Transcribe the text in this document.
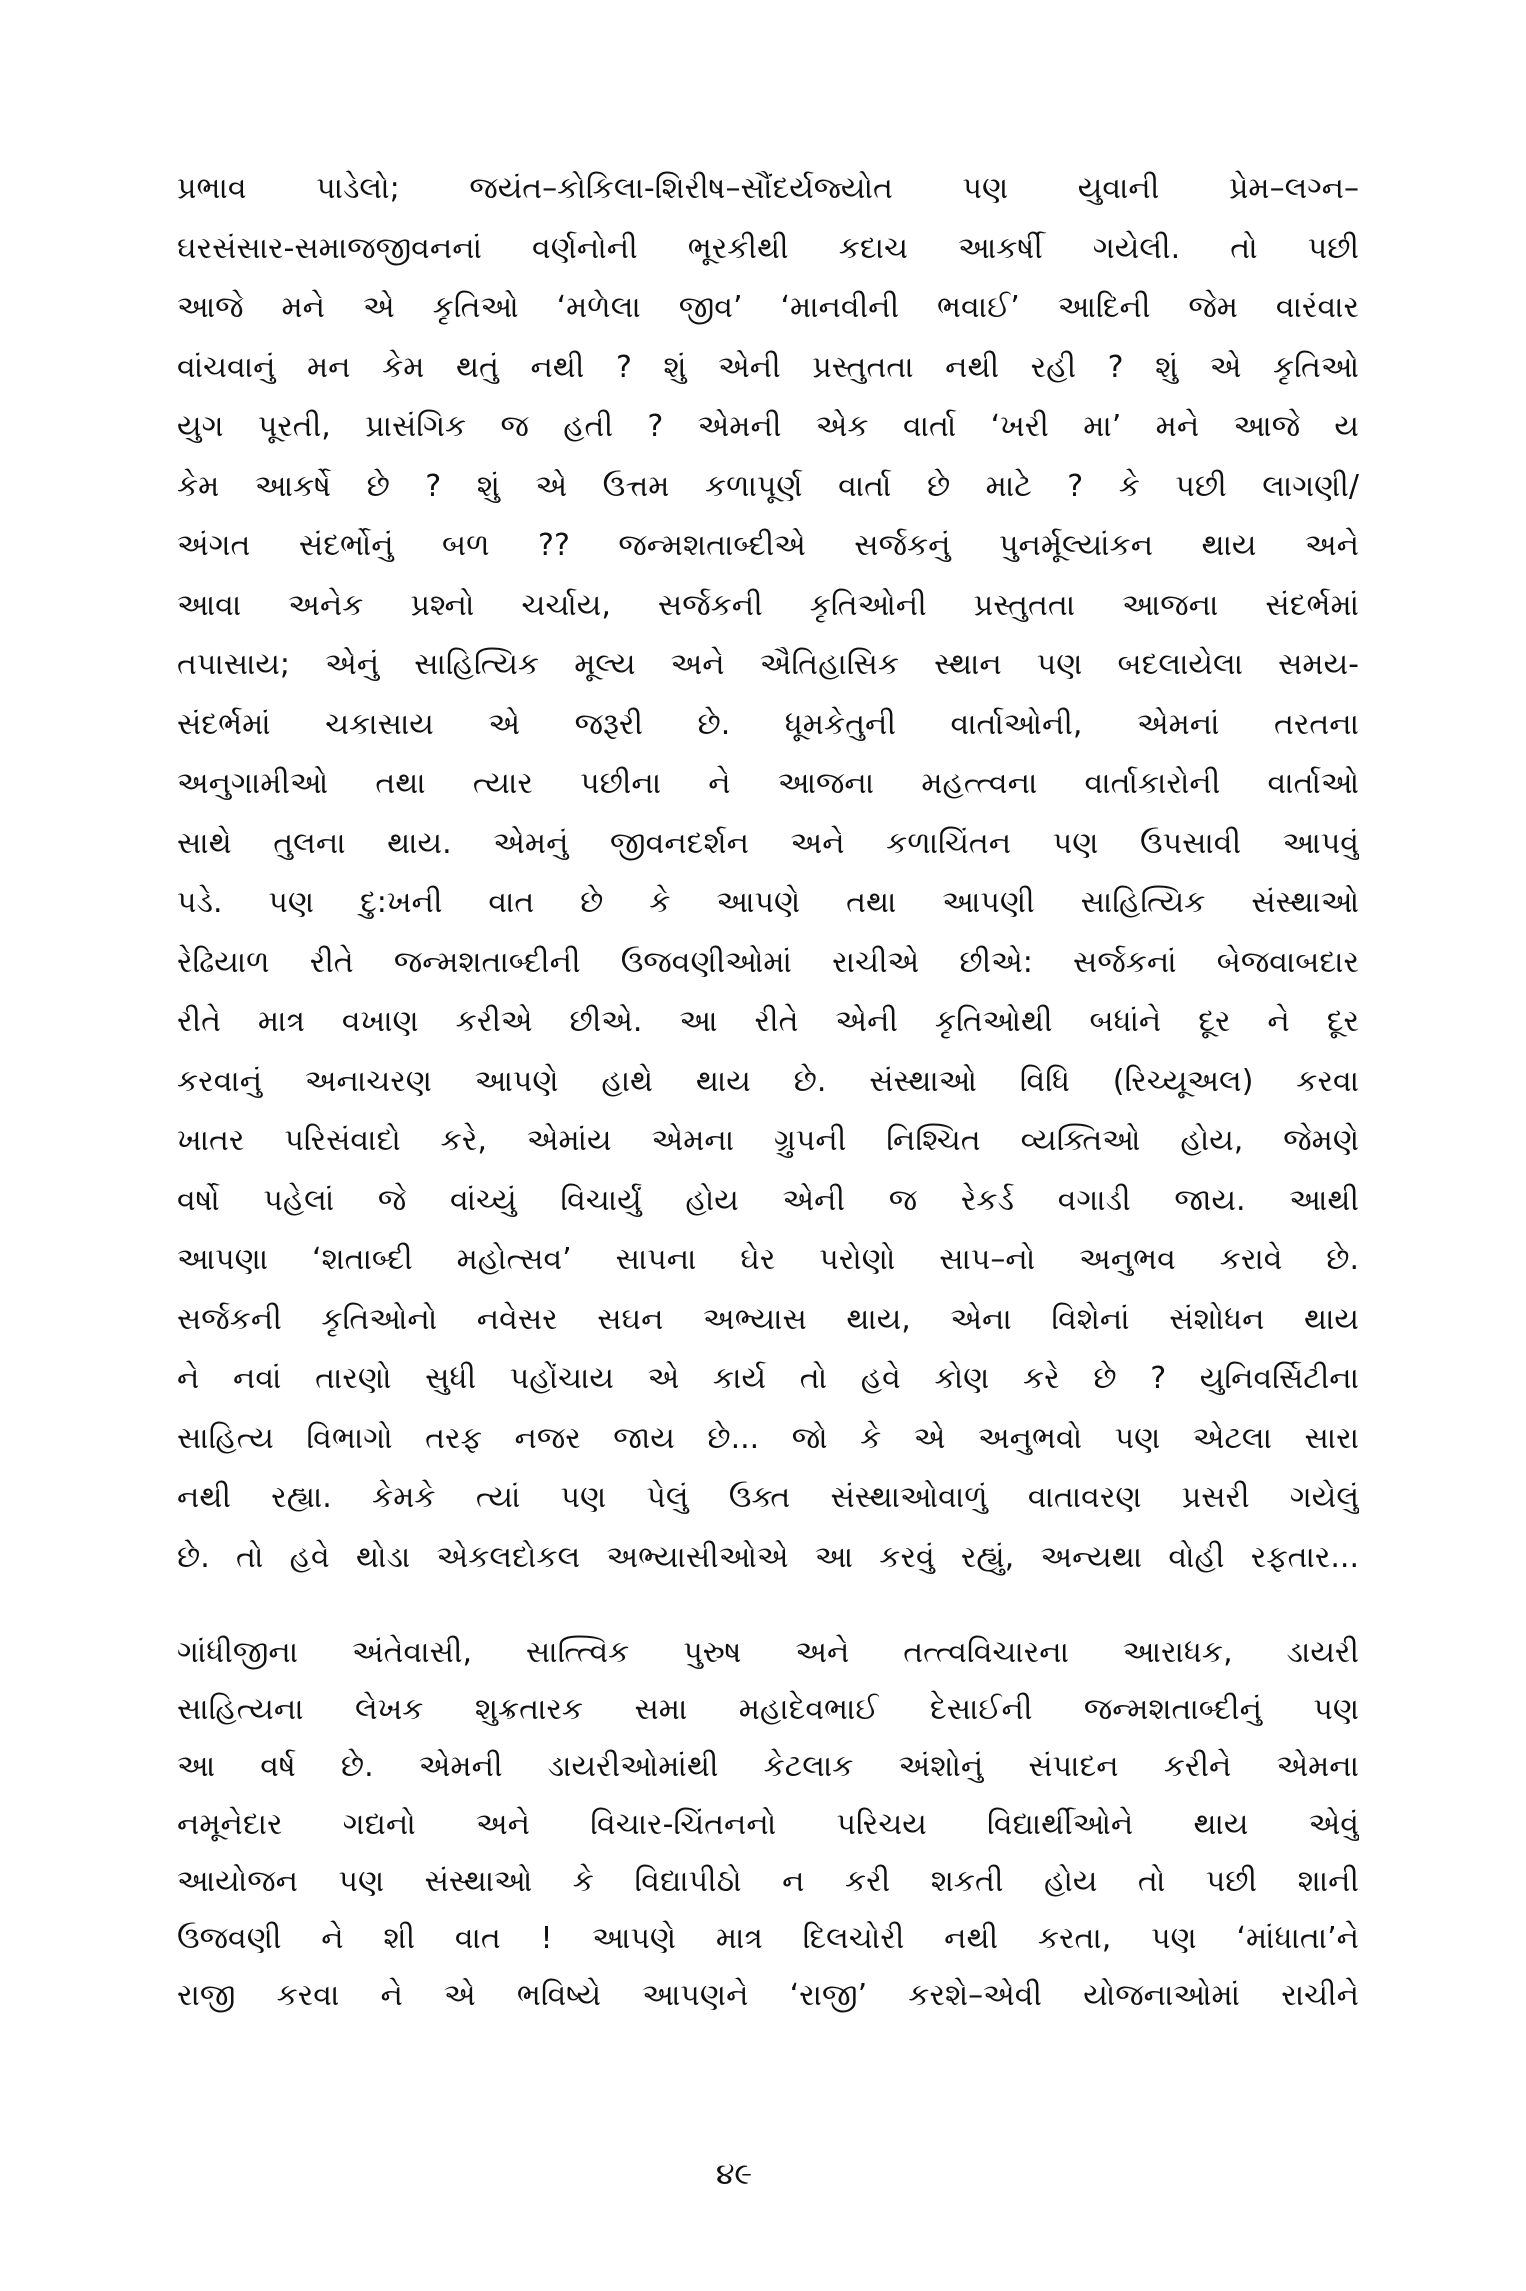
પ્રભાવ પાડેલો; જયંત–કોકિલા-શિરીષ–સૌંદર્યજ્યોત પણ યુવાની પ્રેમ–લગ્ન–
ઘરસંસાર-સમાજજીવનનાં વર્ણનોની ભૂરકીથી કદાચ આકર્ષી ગયેલી. તો પછી
આજે મને એ કૃતિઓ ‘મળેલા જીવ’ ‘માનવીની ભવાઈ’ આદિની જેમ વારંવાર
વાંચવાનું મન કેમ થતું નથી ? શું એની પ્રસ્તુતતા નથી રહી ? શું એ કૃતિઓ
યુગ પૂરતી, પ્રાસંગિક જ હતી ? એમની એક વાર્તા ‘ખરી મા’ મને આજે ય
કેમ આકર્ષે છે ? શું એ ઉત્તમ કળાપૂર્ણ વાર્તા છે માટે ? કે પછી લાગણી/
અંગત સંદર્ભોનું બળ ?? જન્મશતાબ્દીએ સર્જકનું પુનર્મૂલ્યાંકન થાય અને
આવા અનેક પ્રશ્નો ચર્ચાય, સર્જકની કૃતિઓની પ્રસ્તુતતા આજના સંદર્ભમાં
તપાસાય; એનું સાહિત્યિક મૂલ્ય અને ઐતિહાસિક સ્થાન પણ બદલાયેલા સમય-
સંદર્ભમાં ચકાસાય એ જરૂરી છે. ધૂમકેતુની વાર્તાઓની, એમનાં તરતના
અનુગામીઓ તથા ત્યાર પછીના ને આજના મહત્ત્વના વાર્તાકારોની વાર્તાઓ
સાથે તુલના થાય. એમનું જીવનદર્શન અને કળાચિંતન પણ ઉપસાવી આપવું
પડે. પણ દુ:ખની વાત છે કે આપણે તથા આપણી સાહિત્યિક સંસ્થાઓ
રેઢિયાળ રીતે જન્મશતાબ્દીની ઉજવણીઓમાં રાચીએ છીએ: સર્જકનાં બેજવાબદાર
રીતે માત્ર વખાણ કરીએ છીએ. આ રીતે એની કૃતિઓથી બધાંને દૂર ને દૂર
કરવાનું અનાચરણ આપણે હાથે થાય છે. સંસ્થાઓ વિધિ (રિચ્યૂઅલ) કરવા
ખાતર પરિસંવાદો કરે, એમાંય એમના ગ્રુપની નિશ્ચિત વ્યક્તિઓ હોય, જેમણે
વર્ષો પહેલાં જે વાંચ્યું વિચાર્યું હોય એની જ રેકર્ડ વગાડી જાય. આથી
આપણા ‘શતાબ્દી મહોત્સવ’ સાપના ઘેર પરોણો સાપ–નો અનુભવ કરાવે છે.
સર્જકની કૃતિઓનો નવેસર સઘન અભ્યાસ થાય, એના વિશેનાં સંશોધન થાય
ને નવાં તારણો સુધી પહોંચાય એ કાર્ય તો હવે કોણ કરે છે ? યુનિવર્સિટીના
સાહિત્ય વિભાગો તરફ નજર જાય છે... જો કે એ અનુભવો પણ એટલા સારા
નથી રહ્યા. કેમકે ત્યાં પણ પેલું ઉક્ત સંસ્થાઓવાળું વાતાવરણ પ્રસરી ગયેલું
છે. તો હવે થોડા એકલદોકલ અભ્યાસીઓએ આ કરવું રહ્યું, અન્યથા વોહી રફતાર...
ગાંધીજીના અંતેવાસી, સાત્ત્વિક પુરુષ અને તત્ત્વવિચારના આરાધક, ડાયરી
સાહિત્યના લેખક શુક્રતારક સમા મહાદેવભાઈ દેસાઈની જન્મશતાબ્દીનું પણ
આ વર્ષ છે. એમની ડાયરીઓમાંથી કેટલાક અંશોનું સંપાદન કરીને એમના
નમૂનેદાર ગદ્યનો અને વિચાર-ચિંતનનો પરિચય વિદ્યાર્થીઓને થાય એવું
આયોજન પણ સંસ્થાઓ કે વિદ્યાપીઠો ન કરી શકતી હોય તો પછી શાની
ઉજવણી ને શી વાત ! આપણે માત્ર દિલચોરી નથી કરતા, પણ ‘માંધાતા’ને
રાજી કરવા ને એ ભવિષ્યે આપણને ‘રાજી’ કરશે–એવી યોજનાઓમાં રાચીને
૪૯
